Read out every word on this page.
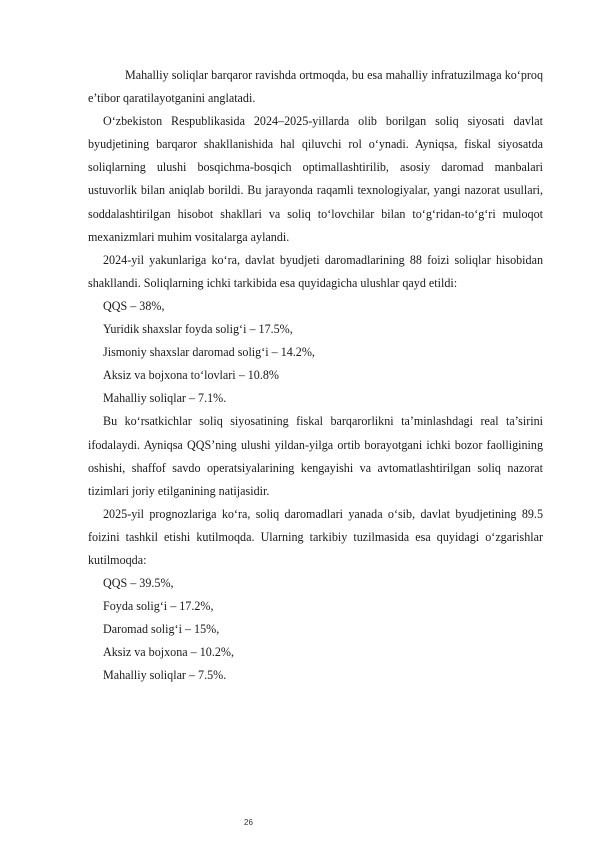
Mahalliy soliqlar barqaror ravishda ortmoqda, bu esa mahalliy infratuzilmaga ko‘proq e’tibor qaratilayotganini anglatadi.

O‘zbekiston Respublikasida 2024–2025-yillarda olib borilgan soliq siyosati davlat byudjetining barqaror shakllanishida hal qiluvchi rol o‘ynadi. Ayniqsa, fiskal siyosatda soliqlarning ulushi bosqichma-bosqich optimallashtirilib, asosiy daromad manbalari ustuvorlik bilan aniqlab borildi. Bu jarayonda raqamli texnologiyalar, yangi nazorat usullari, soddalashtirilgan hisobot shakllari va soliq to‘lovchilar bilan to‘g‘ridan-to‘g‘ri muloqot mexanizmlari muhim vositalarga aylandi.

2024-yil yakunlariga ko‘ra, davlat byudjeti daromadlarining 88 foizi soliqlar hisobidan shakllandi. Soliqlarning ichki tarkibida esa quyidagicha ulushlar qayd etildi:

QQS – 38%,

Yuridik shaxslar foyda solig‘i – 17.5%,

Jismoniy shaxslar daromad solig‘i – 14.2%,

Aksiz va bojxona to‘lovlari – 10.8%

Mahalliy soliqlar – 7.1%.

Bu ko‘rsatkichlar soliq siyosatining fiskal barqarorlikni ta’minlashdagi real ta’sirini ifodalaydi. Ayniqsa QQS’ning ulushi yildan-yilga ortib borayotgani ichki bozor faolligining oshishi, shaffof savdo operatsiyalarining kengayishi va avtomatlashtirilgan soliq nazorat tizimlari joriy etilganining natijasidir.

2025-yil prognozlariga ko‘ra, soliq daromadlari yanada o‘sib, davlat byudjetining 89.5 foizini tashkil etishi kutilmoqda. Ularning tarkibiy tuzilmasida esa quyidagi o‘zgarishlar kutilmoqda:

QQS – 39.5%,

Foyda solig‘i – 17.2%,

Daromad solig‘i – 15%,

Aksiz va bojxona – 10.2%,

Mahalliy soliqlar – 7.5%.

26
